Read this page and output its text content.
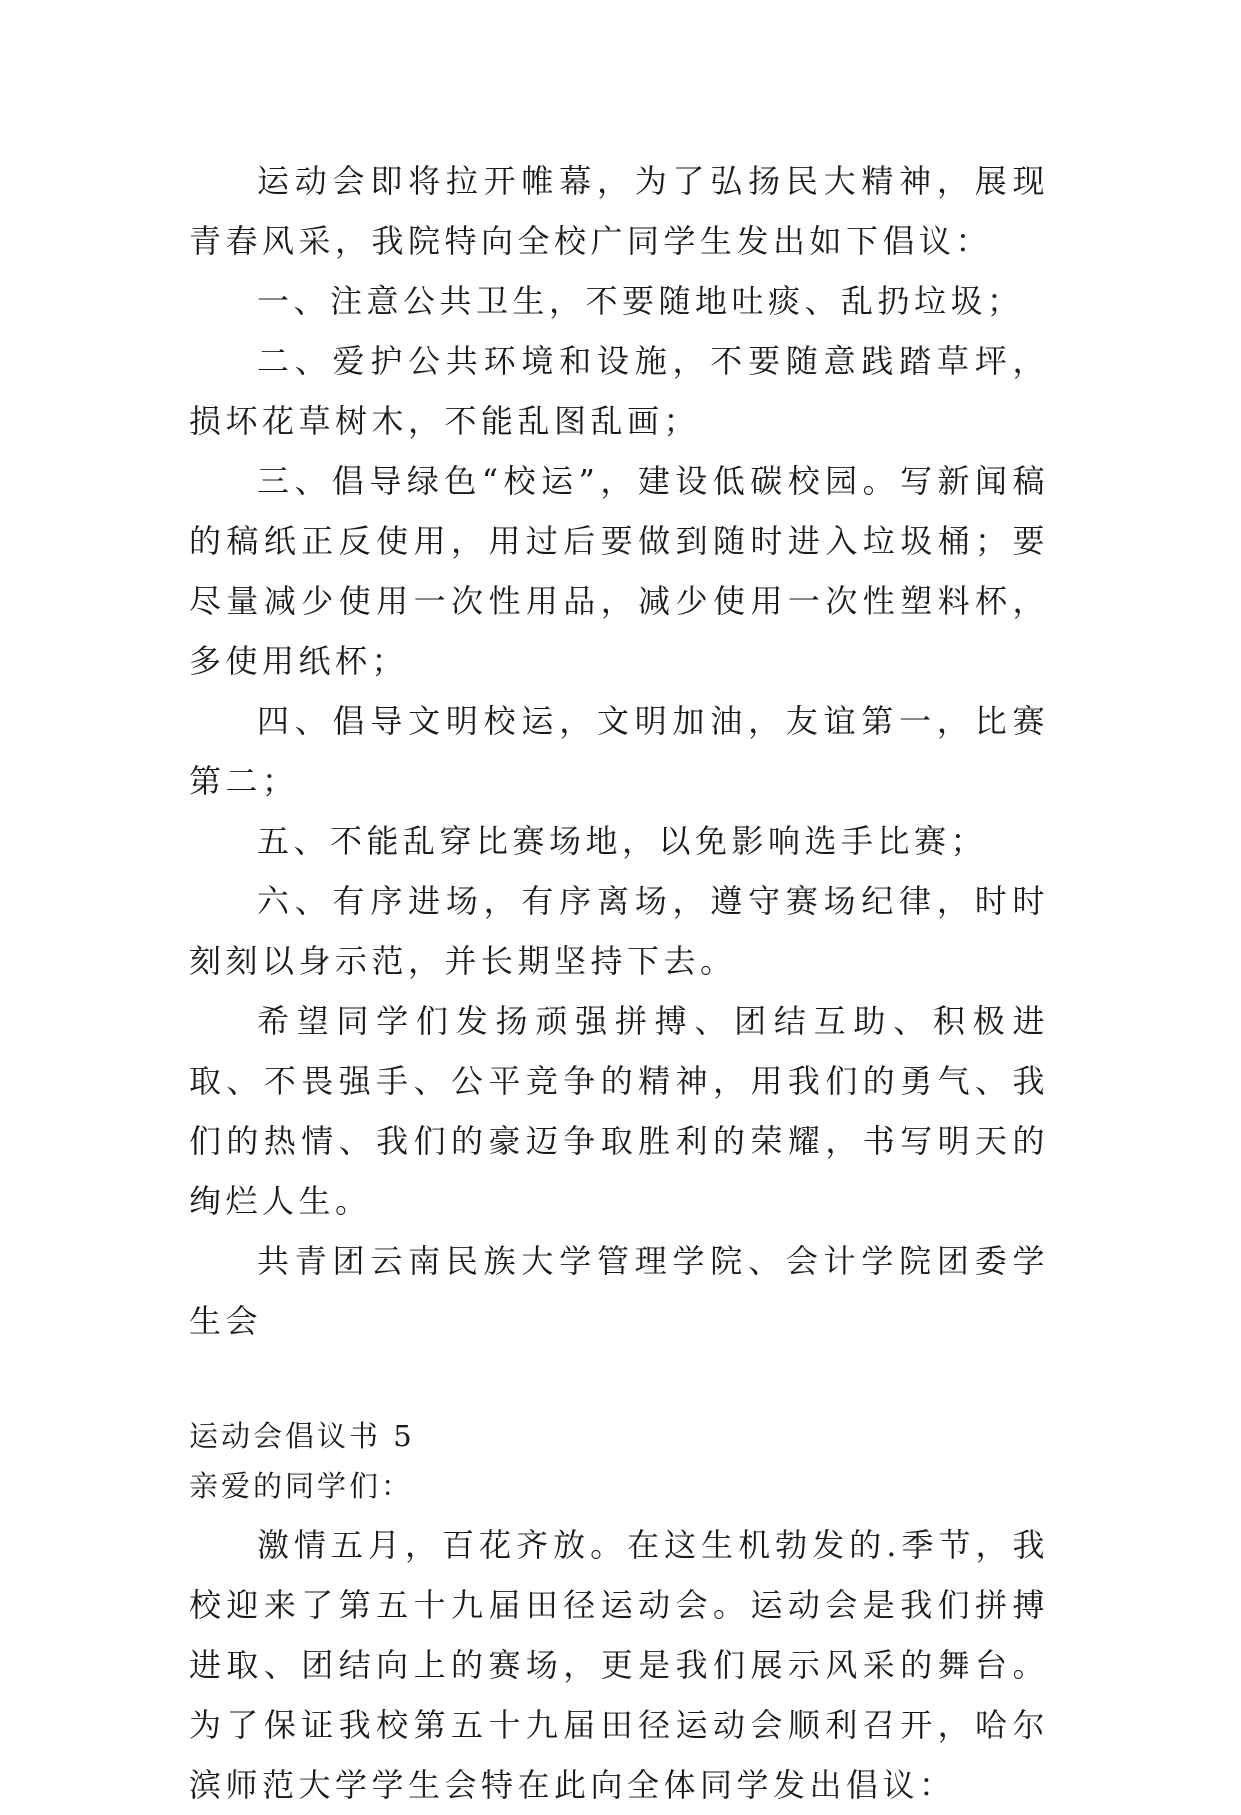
运动会即将拉开帷幕，为了弘扬民大精神，展现青春风采，我院特向全校广同学生发出如下倡议：

一、注意公共卫生，不要随地吐痰、乱扔垃圾；

二、爱护公共环境和设施，不要随意践踏草坪，损坏花草树木，不能乱图乱画；

三、倡导绿色“校运”，建设低碳校园。写新闻稿的稿纸正反使用，用过后要做到随时进入垃圾桶；要尽量减少使用一次性用品，减少使用一次性塑料杯，多使用纸杯；

四、倡导文明校运，文明加油，友谊第一，比赛第二；

五、不能乱穿比赛场地，以免影响选手比赛；

六、有序进场，有序离场，遵守赛场纪律，时时刻刻以身示范，并长期坚持下去。

希望同学们发扬顽强拼搏、团结互助、积极进取、不畏强手、公平竞争的精神，用我们的勇气、我们的热情、我们的豪迈争取胜利的荣耀，书写明天的绚烂人生。

共青团云南民族大学管理学院、会计学院团委学生会

运动会倡议书 5

亲爱的同学们：

激情五月，百花齐放。在这生机勃发的.季节，我校迎来了第五十九届田径运动会。运动会是我们拼搏进取、团结向上的赛场，更是我们展示风采的舞台。为了保证我校第五十九届田径运动会顺利召开，哈尔滨师范大学学生会特在此向全体同学发出倡议：
